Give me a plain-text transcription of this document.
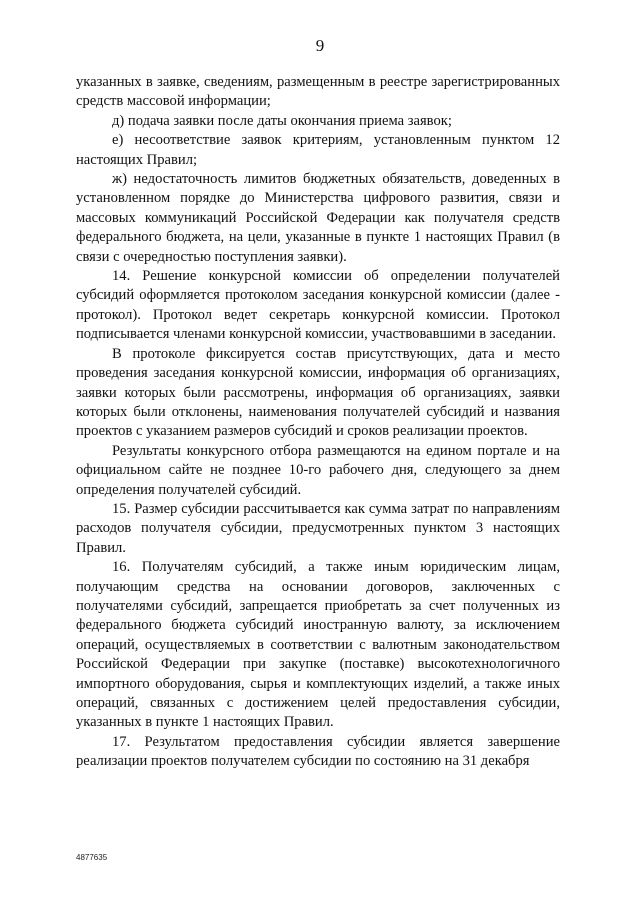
9

указанных в заявке, сведениям, размещенным в реестре зарегистрированных средств массовой информации;

д) подача заявки после даты окончания приема заявок;

е) несоответствие заявок критериям, установленным пунктом 12 настоящих Правил;

ж) недостаточность лимитов бюджетных обязательств, доведенных в установленном порядке до Министерства цифрового развития, связи и массовых коммуникаций Российской Федерации как получателя средств федерального бюджета, на цели, указанные в пункте 1 настоящих Правил (в связи с очередностью поступления заявки).

14. Решение конкурсной комиссии об определении получателей субсидий оформляется протоколом заседания конкурсной комиссии (далее - протокол). Протокол ведет секретарь конкурсной комиссии. Протокол подписывается членами конкурсной комиссии, участвовавшими в заседании.

В протоколе фиксируется состав присутствующих, дата и место проведения заседания конкурсной комиссии, информация об организациях, заявки которых были рассмотрены, информация об организациях, заявки которых были отклонены, наименования получателей субсидий и названия проектов с указанием размеров субсидий и сроков реализации проектов.

Результаты конкурсного отбора размещаются на едином портале и на официальном сайте не позднее 10-го рабочего дня, следующего за днем определения получателей субсидий.

15. Размер субсидии рассчитывается как сумма затрат по направлениям расходов получателя субсидии, предусмотренных пунктом 3 настоящих Правил.

16. Получателям субсидий, а также иным юридическим лицам, получающим средства на основании договоров, заключенных с получателями субсидий, запрещается приобретать за счет полученных из федерального бюджета субсидий иностранную валюту, за исключением операций, осуществляемых в соответствии с валютным законодательством Российской Федерации при закупке (поставке) высокотехнологичного импортного оборудования, сырья и комплектующих изделий, а также иных операций, связанных с достижением целей предоставления субсидии, указанных в пункте 1 настоящих Правил.

17. Результатом предоставления субсидии является завершение реализации проектов получателем субсидии по состоянию на 31 декабря

4877635
